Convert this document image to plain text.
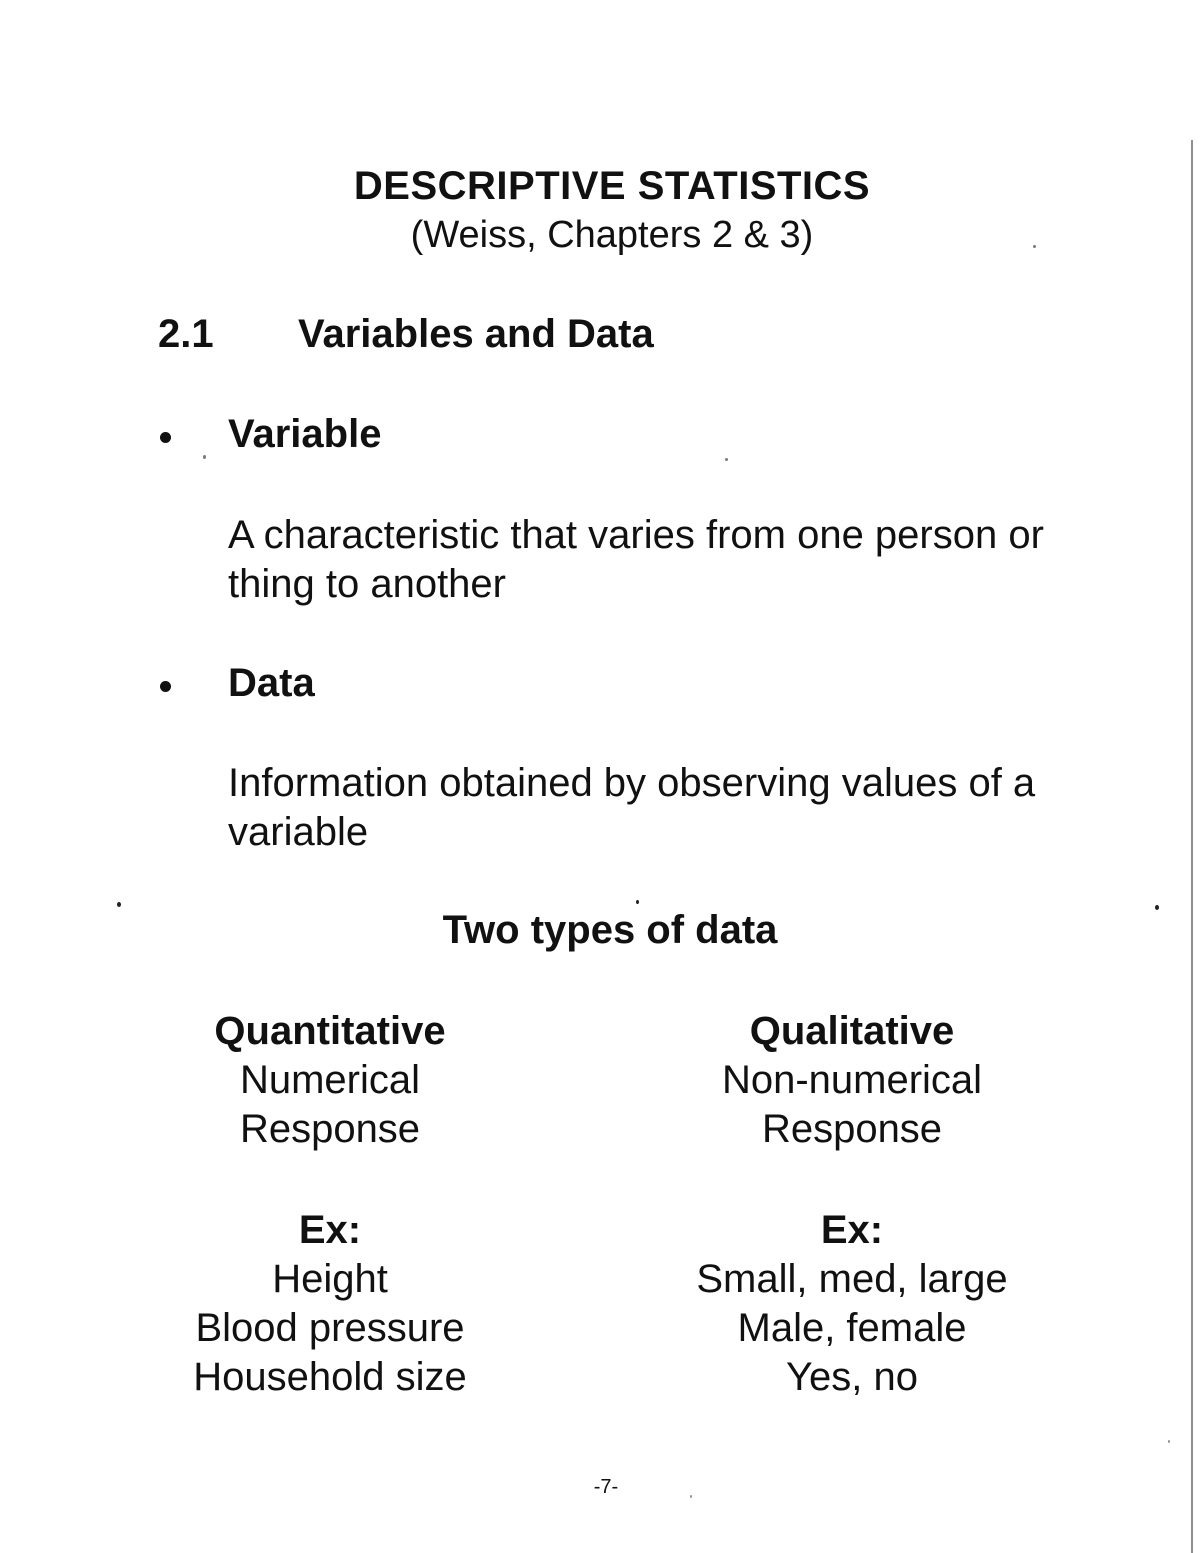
DESCRIPTIVE STATISTICS
(Weiss, Chapters 2 & 3)
2.1 Variables and Data
Variable
A characteristic that varies from one person or thing to another
Data
Information obtained by observing values of a variable
Two types of data
Quantitative
Numerical
Response
Ex:
Height
Blood pressure
Household size
Qualitative
Non-numerical
Response
Ex:
Small, med, large
Male, female
Yes, no
-7-
